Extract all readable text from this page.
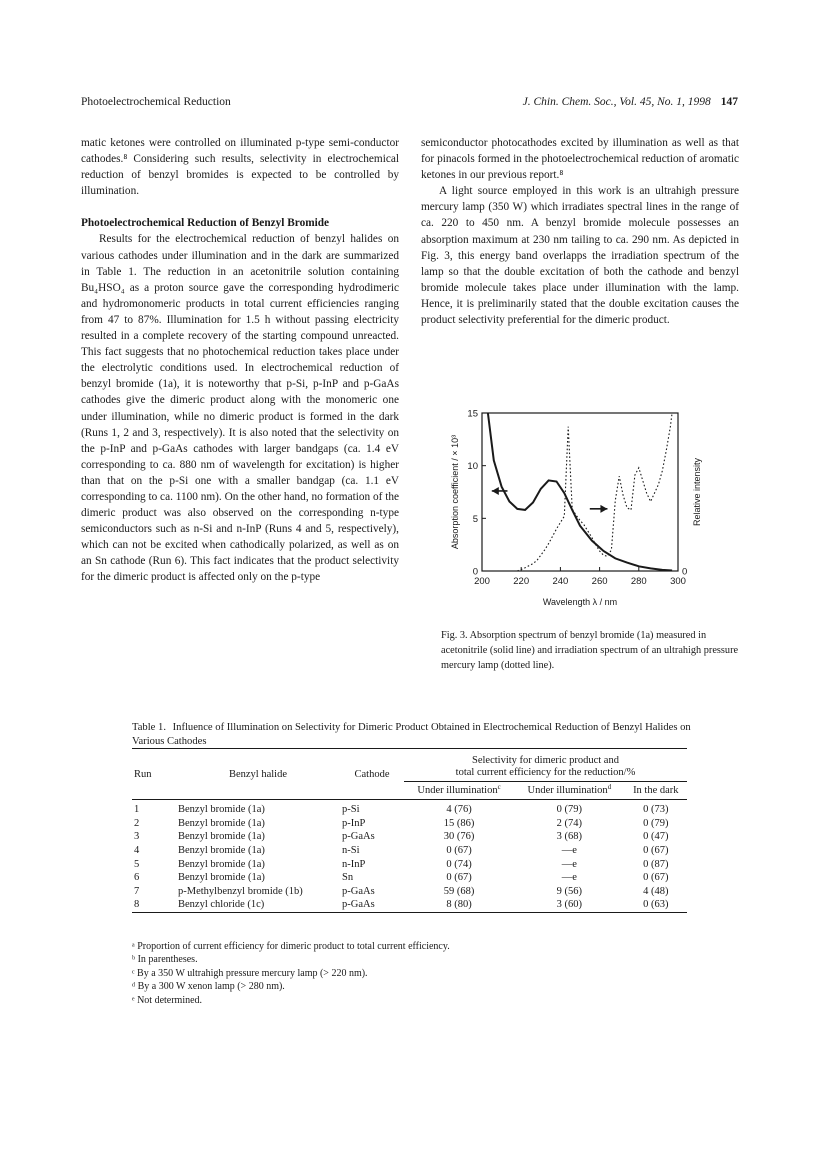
Photoelectrochemical Reduction	J. Chin. Chem. Soc., Vol. 45, No. 1, 1998 147

matic ketones were controlled on illuminated p-type semi-conductor cathodes.⁸ Considering such results, selectivity in electrochemical reduction of benzyl bromides is expected to be controlled by illumination.

Photoelectrochemical Reduction of Benzyl Bromide

Results for the electrochemical reduction of benzyl halides on various cathodes under illumination and in the dark are summarized in Table 1. The reduction in an acetonitrile solution containing Bu₄HSO₄ as a proton source gave the corresponding hydrodimeric and hydromonomeric products in total current efficiencies ranging from 47 to 87%. Illumination for 1.5 h without passing electricity resulted in a complete recovery of the starting compound unreacted. This fact suggests that no photochemical reduction takes place under the electrolytic conditions used. In electrochemical reduction of benzyl bromide (1a), it is noteworthy that p-Si, p-InP and p-GaAs cathodes give the dimeric product along with the monomeric one under illumination, while no dimeric product is formed in the dark (Runs 1, 2 and 3, respectively). It is also noted that the selectivity on the p-InP and p-GaAs cathodes with larger bandgaps (ca. 1.4 eV corresponding to ca. 880 nm of wavelength for excitation) is higher than that on the p-Si one with a smaller bandgap (ca. 1.1 eV corresponding to ca. 1100 nm). On the other hand, no formation of the dimeric product was also observed on the corresponding n-type semiconductors such as n-Si and n-InP (Runs 4 and 5, respectively), which can not be excited when cathodically polarized, as well as on an Sn cathode (Run 6). This fact indicates that the product selectivity for the dimeric product is affected only on the p-type

semiconductor photocathodes excited by illumination as well as that for pinacols formed in the photoelectrochemical reduction of aromatic ketones in our previous report.⁸

A light source employed in this work is an ultrahigh pressure mercury lamp (350 W) which irradiates spectral lines in the range of ca. 220 to 450 nm. A benzyl bromide molecule possesses an absorption maximum at 230 nm tailing to ca. 290 nm. As depicted in Fig. 3, this energy band overlapps the irradiation spectrum of the lamp so that the double excitation of both the cathode and benzyl bromide molecule takes place under illumination with the lamp. Hence, it is preliminarily stated that the double excitation causes the product selectivity preferential for the dimeric product.

200 220 240 260 280 300
0
5
10
15
0
Wavelength λ / nm
Absorption coefficient / × 10³	Relative intensity
Fig. 3. Absorption spectrum of benzyl bromide (1a) measured in acetonitrile (solid line) and irradiation spectrum of an ultrahigh pressure mercury lamp (dotted line).
Table 1. Influence of Illumination on Selectivity for Dimeric Product Obtained in Electrochemical Reduction of Benzyl Halides on Various Cathodes
Run	Benzyl halide	Cathode	Selectivity for dimeric product and
total current efficiency for the reduction/%		
			Under illumination$^c$	Under illumination$^d$	In the dark
1	Benzyl bromide (1a)	p-Si	4 (76)	0 (79)	0 (73)
2	Benzyl bromide (1a)	p-InP	15 (86)	2 (74)	0 (79)
3	Benzyl bromide (1a)	p-GaAs	30 (76)	3 (68)	0 (47)
4	Benzyl bromide (1a)	n-Si	0 (67)	—e	0 (67)
5	Benzyl bromide (1a)	n-InP	0 (74)	—e	0 (87)
6	Benzyl bromide (1a)	Sn	0 (67)	—e	0 (67)
7	p-Methylbenzyl bromide (1b)	p-GaAs	59 (68)	9 (56)	4 (48)
8	Benzyl chloride (1c)	p-GaAs	8 (80)	3 (60)	0 (63)

ᵃ Proportion of current efficiency for dimeric product to total current efficiency.

ᵇ In parentheses.

ᶜ By a 350 W ultrahigh pressure mercury lamp (> 220 nm).

ᵈ By a 300 W xenon lamp (> 280 nm).

ᵉ Not determined.
